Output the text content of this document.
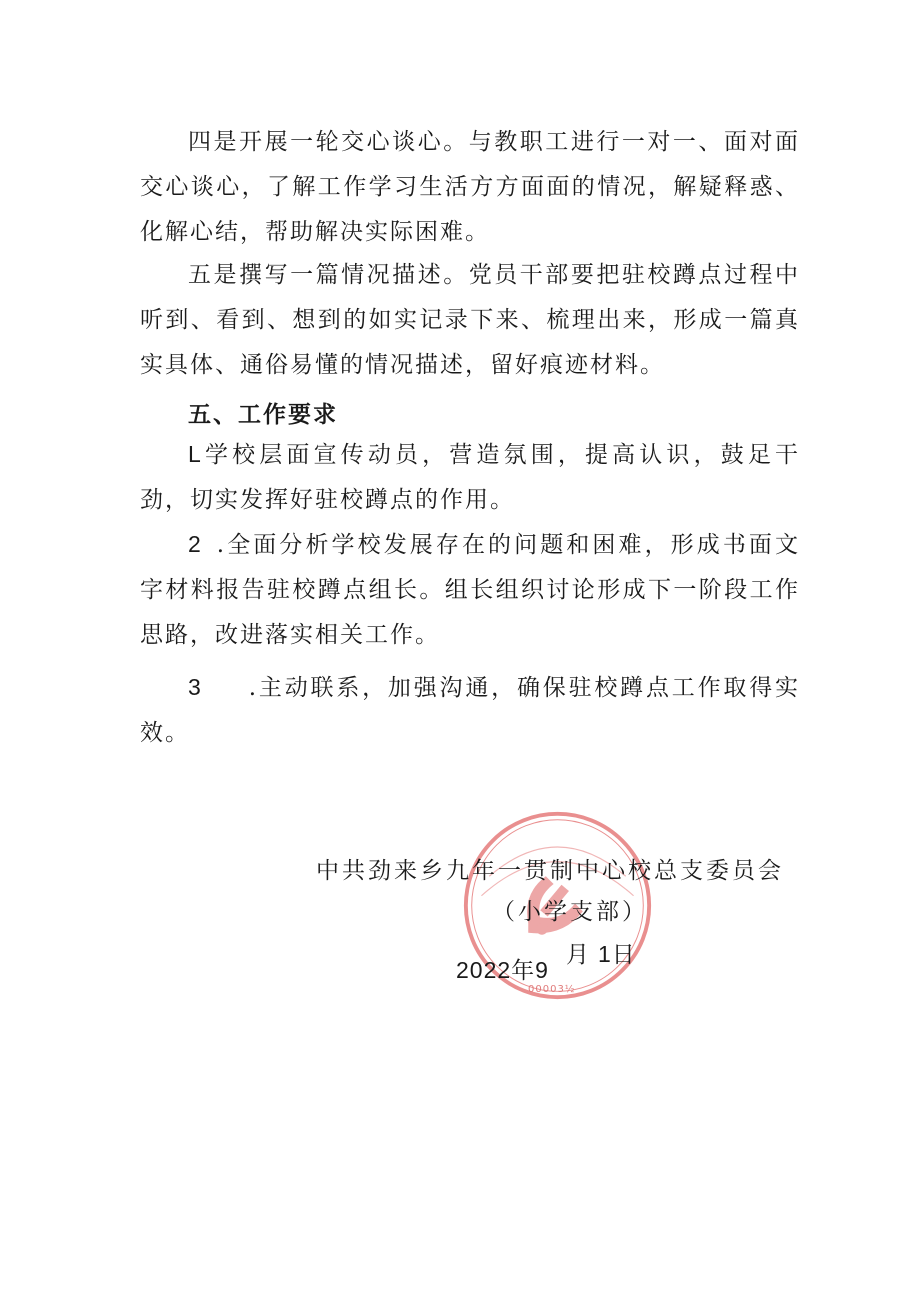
四是开展一轮交心谈心。与教职工进行一对一、面对面交心谈心，了解工作学习生活方方面面的情况，解疑释惑、化解心结，帮助解决实际困难。

五是撰写一篇情况描述。党员干部要把驻校蹲点过程中听到、看到、想到的如实记录下来、梳理出来，形成一篇真实具体、通俗易懂的情况描述，留好痕迹材料。

五、工作要求

L学校层面宣传动员，营造氛围，提高认识，鼓足干劲，切实发挥好驻校蹲点的作用。

2 .全面分析学校发展存在的问题和困难，形成书面文字材料报告驻校蹲点组长。组长组织讨论形成下一阶段工作思路，改进落实相关工作。

3 .主动联系，加强沟通，确保驻校蹲点工作取得实效。

00003½

中共劲来乡九年一贯制中心校总支委员会

（小学支部）

2022年9

月 1日
